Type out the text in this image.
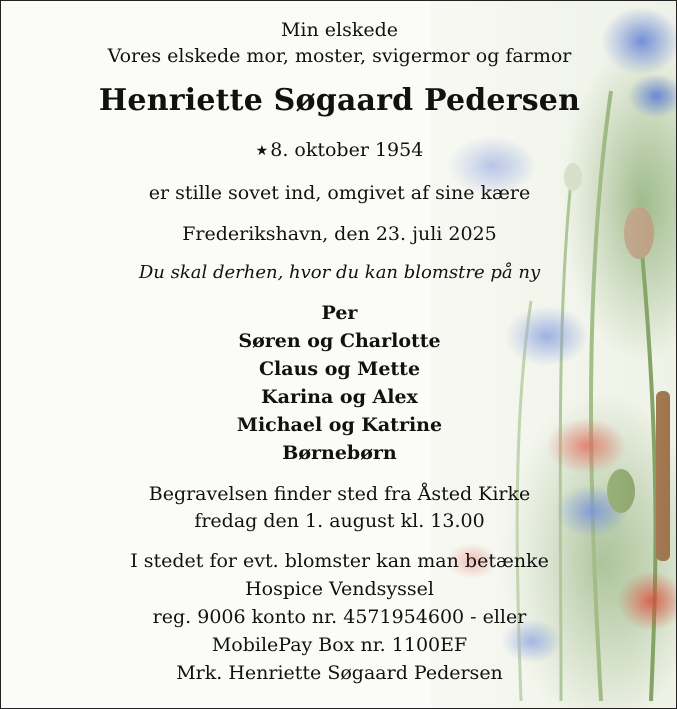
Min elskede
Vores elskede mor, moster, svigermor og farmor
Henriette Søgaard Pedersen
★ 8. oktober 1954
er stille sovet ind, omgivet af sine kære
Frederikshavn, den 23. juli 2025
Du skal derhen, hvor du kan blomstre på ny
Per
Søren og Charlotte
Claus og Mette
Karina og Alex
Michael og Katrine
Børnebørn
Begravelsen finder sted fra Åsted Kirke
fredag den 1. august kl. 13.00
I stedet for evt. blomster kan man betænke
Hospice Vendsyssel
reg. 9006 konto nr. 4571954600 - eller
MobilePay Box nr. 1100EF
Mrk. Henriette Søgaard Pedersen
